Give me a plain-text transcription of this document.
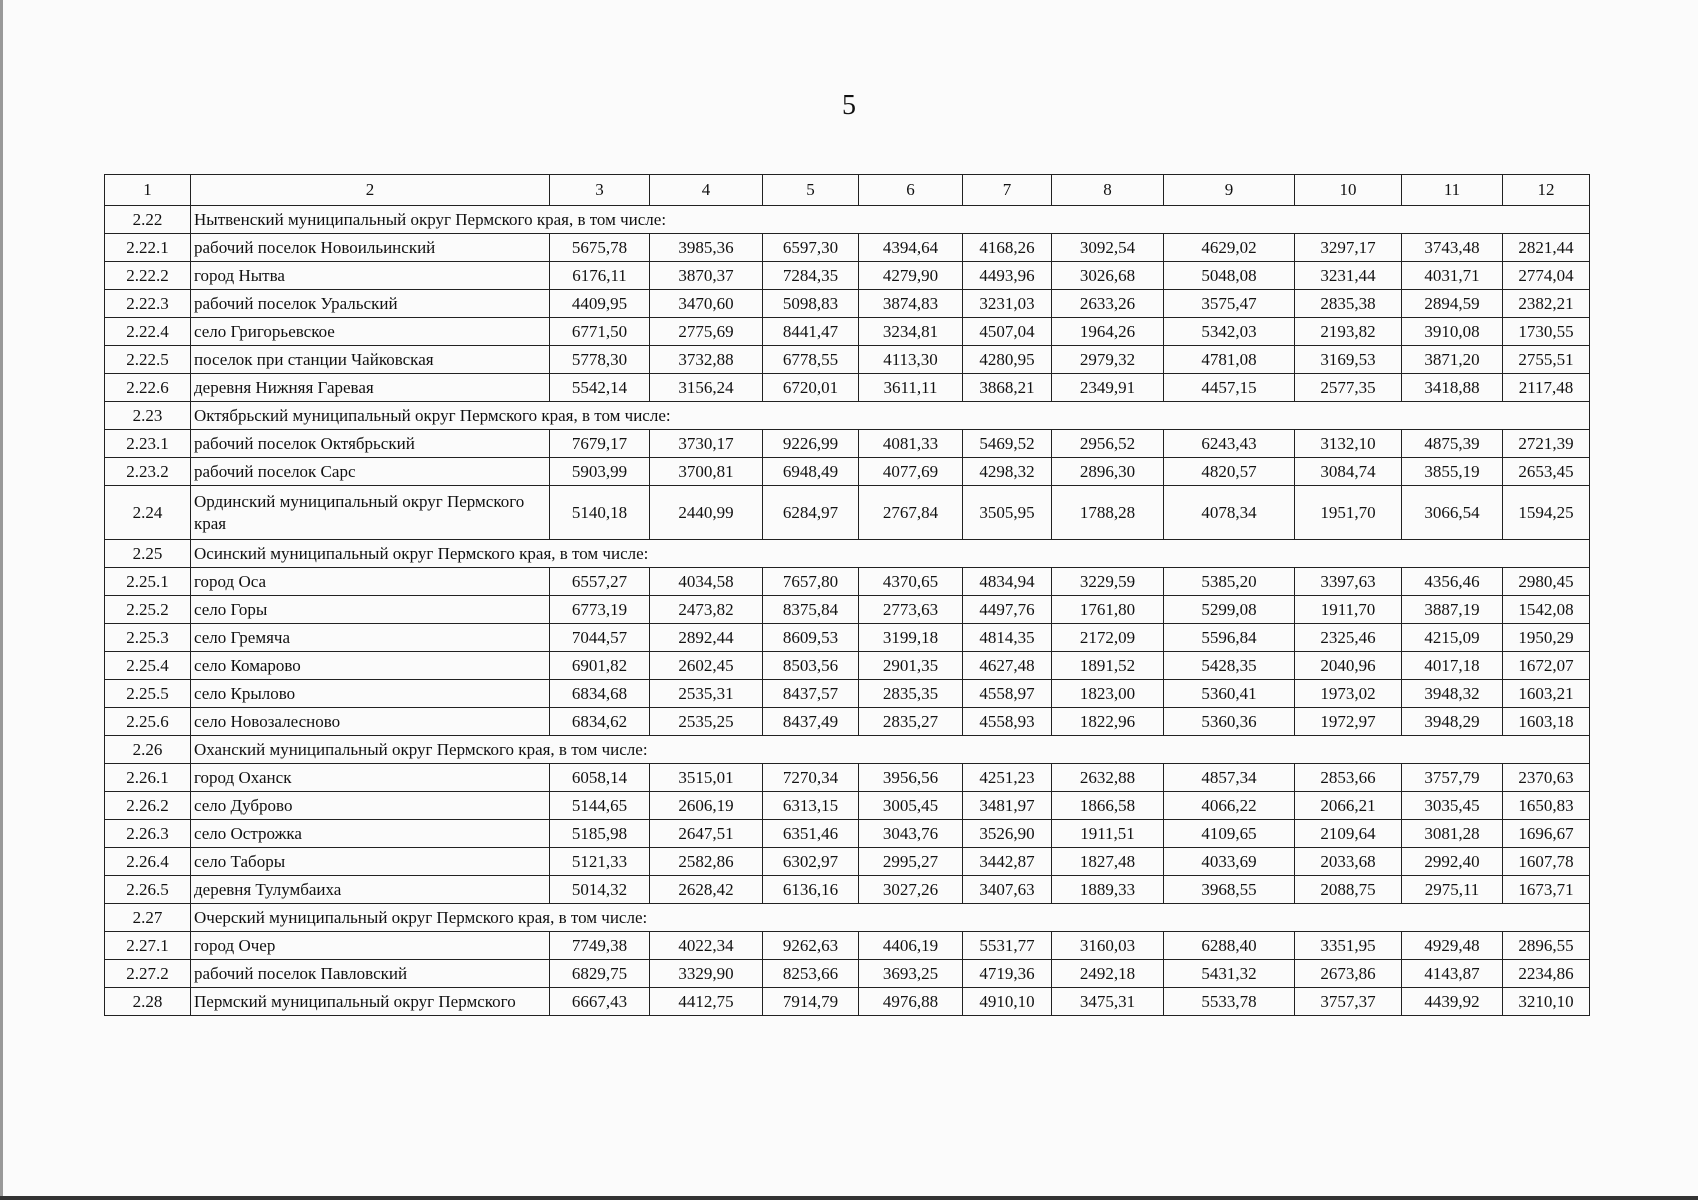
5
1	2	3	4	5	6	7	8	9	10	11	12
2.22	Нытвенский муниципальный округ Пермского края, в том числе:										
2.22.1	рабочий поселок Новоильинский	5675,78	3985,36	6597,30	4394,64	4168,26	3092,54	4629,02	3297,17	3743,48	2821,44
2.22.2	город Нытва	6176,11	3870,37	7284,35	4279,90	4493,96	3026,68	5048,08	3231,44	4031,71	2774,04
2.22.3	рабочий поселок Уральский	4409,95	3470,60	5098,83	3874,83	3231,03	2633,26	3575,47	2835,38	2894,59	2382,21
2.22.4	село Григорьевское	6771,50	2775,69	8441,47	3234,81	4507,04	1964,26	5342,03	2193,82	3910,08	1730,55
2.22.5	поселок при станции Чайковская	5778,30	3732,88	6778,55	4113,30	4280,95	2979,32	4781,08	3169,53	3871,20	2755,51
2.22.6	деревня Нижняя Гаревая	5542,14	3156,24	6720,01	3611,11	3868,21	2349,91	4457,15	2577,35	3418,88	2117,48
2.23	Октябрьский муниципальный округ Пермского края, в том числе:										
2.23.1	рабочий поселок Октябрьский	7679,17	3730,17	9226,99	4081,33	5469,52	2956,52	6243,43	3132,10	4875,39	2721,39
2.23.2	рабочий поселок Сарс	5903,99	3700,81	6948,49	4077,69	4298,32	2896,30	4820,57	3084,74	3855,19	2653,45
2.24	Ординский муниципальный округ Пермского края	5140,18	2440,99	6284,97	2767,84	3505,95	1788,28	4078,34	1951,70	3066,54	1594,25
2.25	Осинский муниципальный округ Пермского края, в том числе:										
2.25.1	город Оса	6557,27	4034,58	7657,80	4370,65	4834,94	3229,59	5385,20	3397,63	4356,46	2980,45
2.25.2	село Горы	6773,19	2473,82	8375,84	2773,63	4497,76	1761,80	5299,08	1911,70	3887,19	1542,08
2.25.3	село Гремяча	7044,57	2892,44	8609,53	3199,18	4814,35	2172,09	5596,84	2325,46	4215,09	1950,29
2.25.4	село Комарово	6901,82	2602,45	8503,56	2901,35	4627,48	1891,52	5428,35	2040,96	4017,18	1672,07
2.25.5	село Крылово	6834,68	2535,31	8437,57	2835,35	4558,97	1823,00	5360,41	1973,02	3948,32	1603,21
2.25.6	село Новозалесново	6834,62	2535,25	8437,49	2835,27	4558,93	1822,96	5360,36	1972,97	3948,29	1603,18
2.26	Оханский муниципальный округ Пермского края, в том числе:										
2.26.1	город Оханск	6058,14	3515,01	7270,34	3956,56	4251,23	2632,88	4857,34	2853,66	3757,79	2370,63
2.26.2	село Дуброво	5144,65	2606,19	6313,15	3005,45	3481,97	1866,58	4066,22	2066,21	3035,45	1650,83
2.26.3	село Острожка	5185,98	2647,51	6351,46	3043,76	3526,90	1911,51	4109,65	2109,64	3081,28	1696,67
2.26.4	село Таборы	5121,33	2582,86	6302,97	2995,27	3442,87	1827,48	4033,69	2033,68	2992,40	1607,78
2.26.5	деревня Тулумбаиха	5014,32	2628,42	6136,16	3027,26	3407,63	1889,33	3968,55	2088,75	2975,11	1673,71
2.27	Очерский муниципальный округ Пермского края, в том числе:										
2.27.1	город Очер	7749,38	4022,34	9262,63	4406,19	5531,77	3160,03	6288,40	3351,95	4929,48	2896,55
2.27.2	рабочий поселок Павловский	6829,75	3329,90	8253,66	3693,25	4719,36	2492,18	5431,32	2673,86	4143,87	2234,86
2.28	Пермский муниципальный округ Пермского	6667,43	4412,75	7914,79	4976,88	4910,10	3475,31	5533,78	3757,37	4439,92	3210,10
